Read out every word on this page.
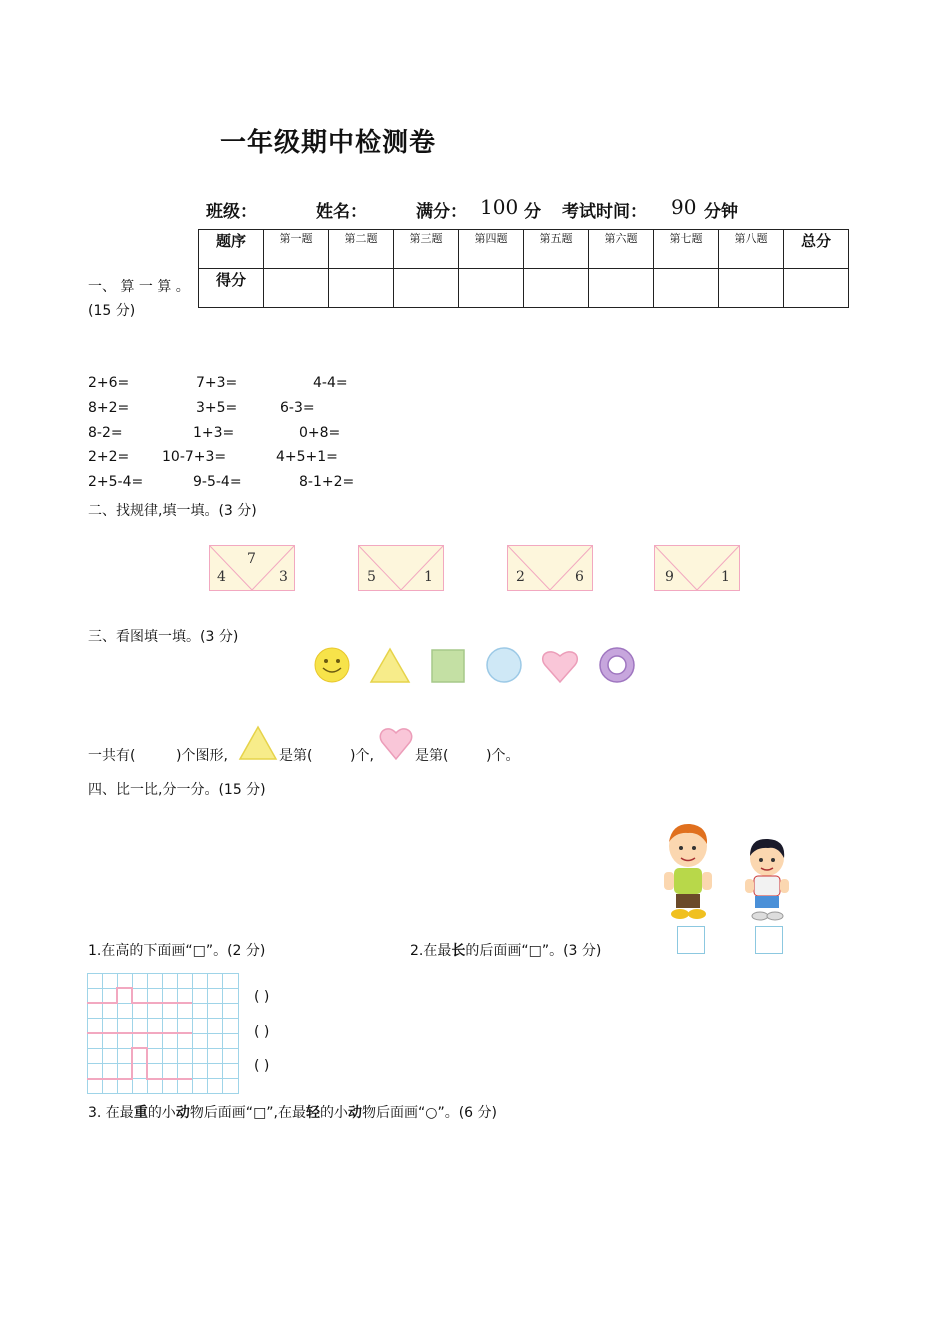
一年级期中检测卷
班级：	姓名：	满分： 100 分 考试时间： 90 分钟
题序	第一题	第二题	第三题	第四题	第五题	第六题	第七题	第八题	总分
得分									
一、 算 一 算 。
(15 分)
2+6=	7+3=	4-4=
8+2=	3+5=	6-3=
8-2=	1+3=	0+8=
2+2= 10-7+3=	4+5+1=
2+5-4=	9-5-4=	8-1+2=
二、找规律,填一填。(3 分)
7
4	3	5	1	2	6	9	1
三、看图填一填。(3 分)
一共有(	)个图形,	是第(	)个,	是第(	)个。
四、比一比,分一分。(15 分)
1.在高的下面画“□”。(2 分)	2.在最长的后面画“□”。(3 分)
( )
( )
( )
3. 在最重的小动物后面画“□”,在最轻的小动物后面画“○”。(6 分)
